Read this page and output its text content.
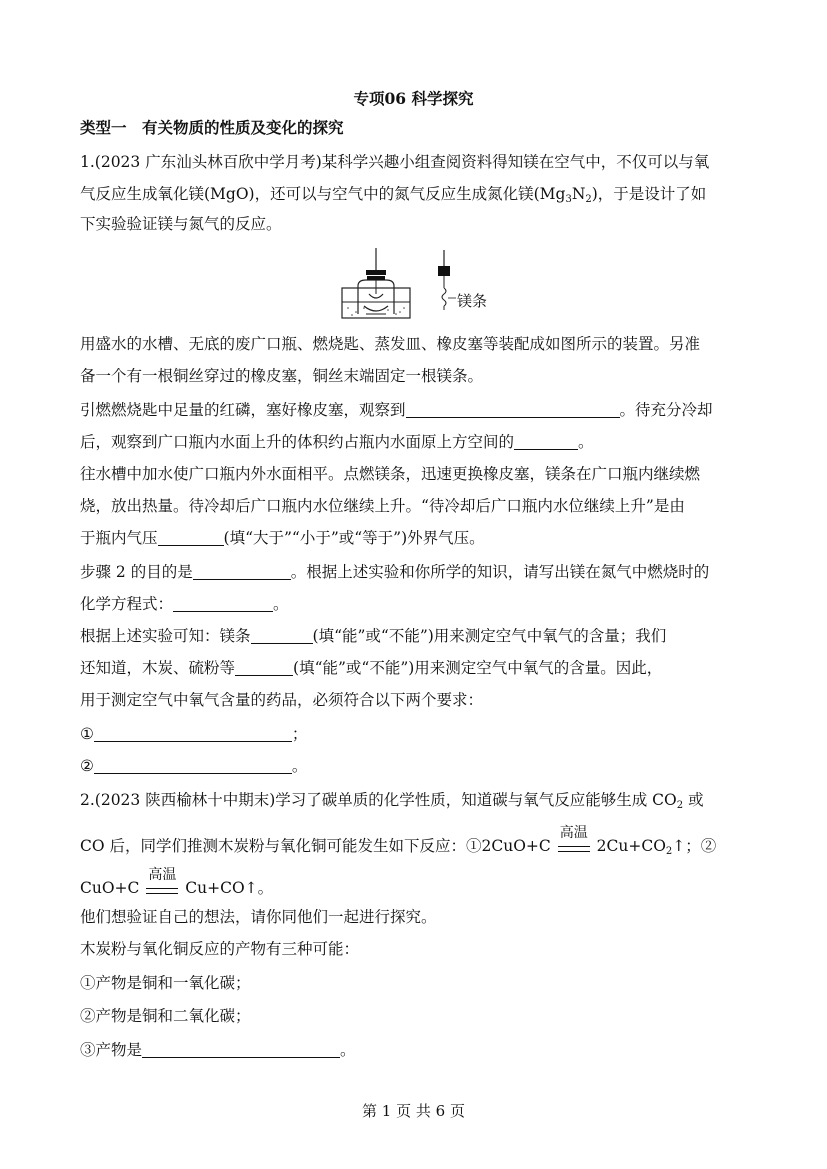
专项06 科学探究
类型一　有关物质的性质及变化的探究
1.(2023 广东汕头林百欣中学月考)某科学兴趣小组查阅资料得知镁在空气中，不仅可以与氧
气反应生成氧化镁(MgO)，还可以与空气中的氮气反应生成氮化镁$(Mg_3N_2)$，于是设计了如
下实验验证镁与氮气的反应。
镁条
用盛水的水槽、无底的废广口瓶、燃烧匙、蒸发皿、橡皮塞等装配成如图所示的装置。另准
备一个有一根铜丝穿过的橡皮塞，铜丝末端固定一根镁条。
引燃燃烧匙中足量的红磷，塞好橡皮塞，观察到	。待充分冷却
后，观察到广口瓶内水面上升的体积约占瓶内水面原上方空间的	。
往水槽中加水使广口瓶内外水面相平。点燃镁条，迅速更换橡皮塞，镁条在广口瓶内继续燃
烧，放出热量。待冷却后广口瓶内水位继续上升。“待冷却后广口瓶内水位继续上升”是由
于瓶内气压	(填“大于”“小于”或“等于”)外界气压。
步骤 2 的目的是	。根据上述实验和你所学的知识，请写出镁在氮气中燃烧时的
化学方程式：	。
根据上述实验可知：镁条	(填“能”或“不能”)用来测定空气中氧气的含量；我们
还知道，木炭、硫粉等	(填“能”或“不能”)用来测定空气中氧气的含量。因此，
用于测定空气中氧气含量的药品，必须符合以下两个要求：
①	；
②	。
2.(2023 陕西榆林十中期末)学习了碳单质的化学性质，知道碳与氧气反应能够生成 $CO_2$ 或
CO 后，同学们推测木炭粉与氧化铜可能发生如下反应：①2CuO+C
高温
$2Cu+CO_2↑$；②
CuO+C
高温
Cu+CO↑。
他们想验证自己的想法，请你同他们一起进行探究。
木炭粉与氧化铜反应的产物有三种可能：
①产物是铜和一氧化碳；
②产物是铜和二氧化碳；
③产物是	。
第 1 页 共 6 页
